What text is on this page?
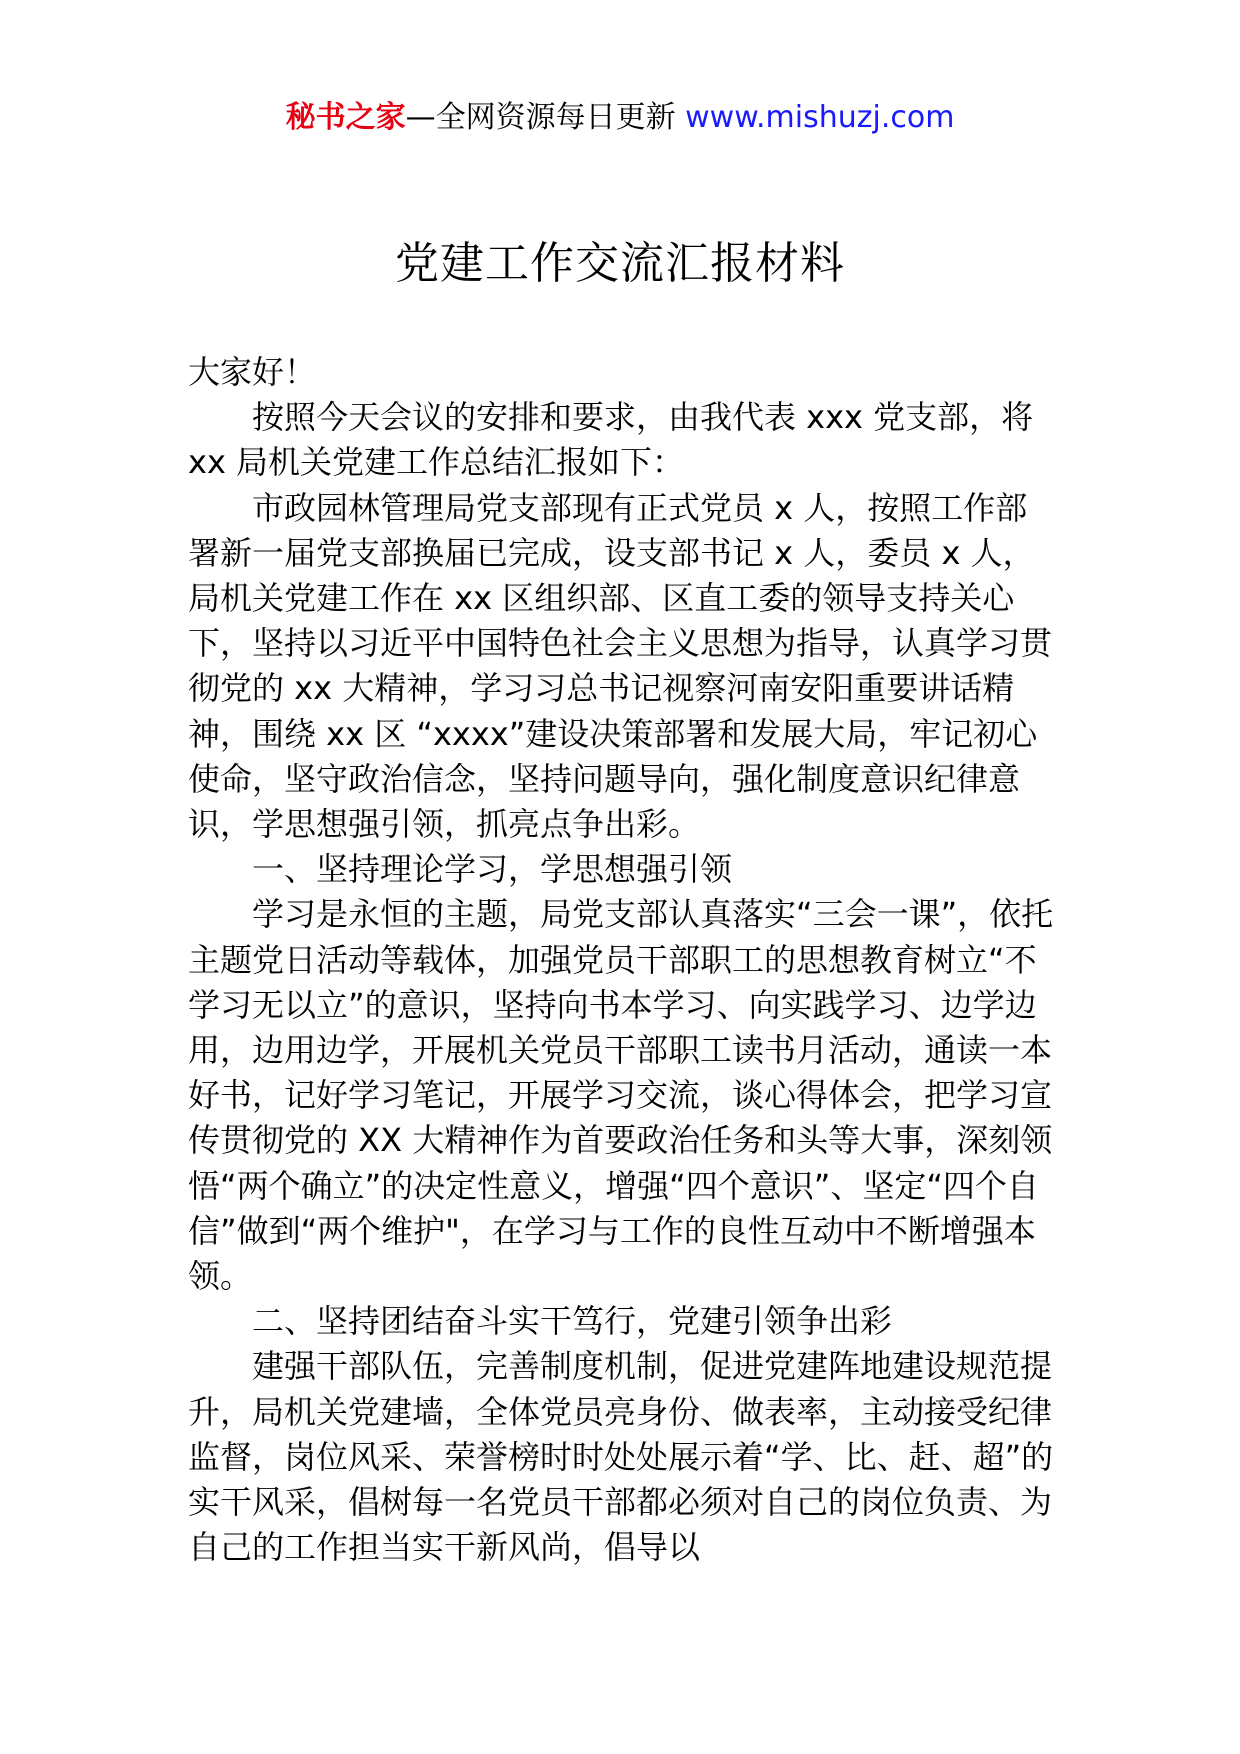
秘书之家—全网资源每日更新 www.mishuzj.com
党建工作交流汇报材料

大家好！

按照今天会议的安排和要求，由我代表 xxx 党支部，将 xx 局机关党建工作总结汇报如下：

市政园林管理局党支部现有正式党员 x 人，按照工作部署新一届党支部换届已完成，设支部书记 x 人，委员 x 人，局机关党建工作在 xx 区组织部、区直工委的领导支持关心下，坚持以习近平中国特色社会主义思想为指导，认真学习贯彻党的 xx 大精神，学习习总书记视察河南安阳重要讲话精神，围绕 xx 区 “xxxx”建设决策部署和发展大局，牢记初心使命，坚守政治信念，坚持问题导向，强化制度意识纪律意识，学思想强引领，抓亮点争出彩。

一、坚持理论学习，学思想强引领

学习是永恒的主题，局党支部认真落实“三会一课”，依托主题党日活动等载体，加强党员干部职工的思想教育树立“不学习无以立”的意识，坚持向书本学习、向实践学习、边学边用，边用边学，开展机关党员干部职工读书月活动，通读一本好书，记好学习笔记，开展学习交流，谈心得体会，把学习宣传贯彻党的 XX 大精神作为首要政治任务和头等大事，深刻领悟“两个确立”的决定性意义，增强“四个意识”、坚定“四个自信”做到“两个维护"，在学习与工作的良性互动中不断增强本领。

二、坚持团结奋斗实干笃行，党建引领争出彩

建强干部队伍，完善制度机制，促进党建阵地建设规范提升，局机关党建墙，全体党员亮身份、做表率，主动接受纪律监督，岗位风采、荣誉榜时时处处展示着“学、比、赶、超”的实干风采，倡树每一名党员干部都必须对自己的岗位负责、为自己的工作担当实干新风尚，倡导以
